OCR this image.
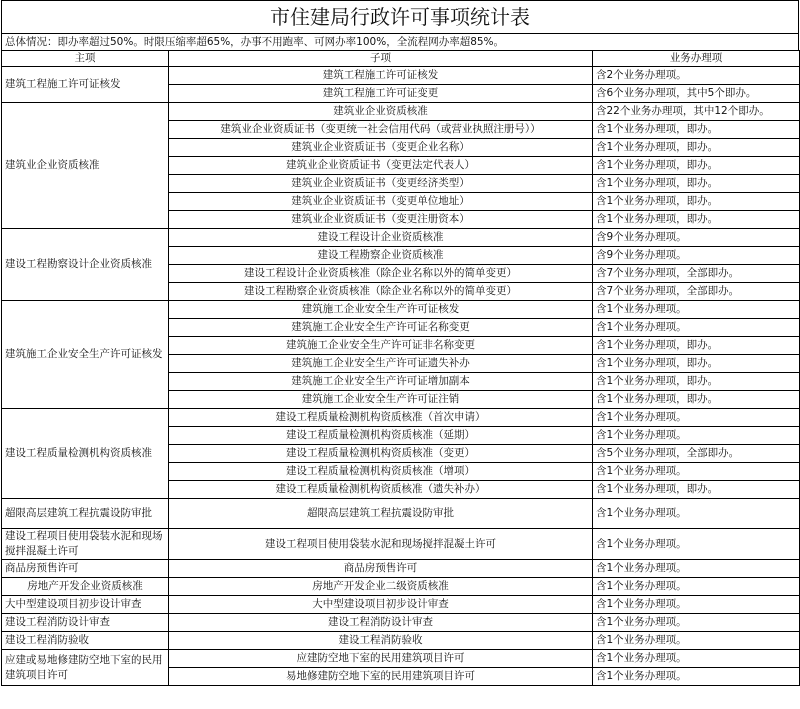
市住建局行政许可事项统计表
总体情况：即办率超过50%。时限压缩率超65%，办事不用跑率、可网办率100%，全流程网办率超85%。
主项	子项	业务办理项
建筑工程施工许可证核发	建筑工程施工许可证核发	含2个业务办理项。
	建筑工程施工许可证变更	含6个业务办理项，其中5个即办。
建筑业企业资质核准	建筑业企业资质核准	含22个业务办理项，其中12个即办。
	建筑业企业资质证书（变更统一社会信用代码（或营业执照注册号））	含1个业务办理项，即办。
	建筑业企业资质证书（变更企业名称）	含1个业务办理项，即办。
	建筑业企业资质证书（变更法定代表人）	含1个业务办理项，即办。
	建筑业企业资质证书（变更经济类型）	含1个业务办理项，即办。
	建筑业企业资质证书（变更单位地址）	含1个业务办理项，即办。
	建筑业企业资质证书（变更注册资本）	含1个业务办理项，即办。
建设工程勘察设计企业资质核准	建设工程设计企业资质核准	含9个业务办理项。
	建设工程勘察企业资质核准	含9个业务办理项。
	建设工程设计企业资质核准（除企业名称以外的简单变更）	含7个业务办理项，全部即办。
	建设工程勘察企业资质核准（除企业名称以外的简单变更）	含7个业务办理项，全部即办。
建筑施工企业安全生产许可证核发	建筑施工企业安全生产许可证核发	含1个业务办理项。
	建筑施工企业安全生产许可证名称变更	含1个业务办理项。
	建筑施工企业安全生产许可证非名称变更	含1个业务办理项，即办。
	建筑施工企业安全生产许可证遗失补办	含1个业务办理项，即办。
	建筑施工企业安全生产许可证增加副本	含1个业务办理项，即办。
	建筑施工企业安全生产许可证注销	含1个业务办理项，即办。
建设工程质量检测机构资质核准	建设工程质量检测机构资质核准（首次申请）	含1个业务办理项。
	建设工程质量检测机构资质核准（延期）	含1个业务办理项。
	建设工程质量检测机构资质核准（变更）	含5个业务办理项，全部即办。
	建设工程质量检测机构资质核准（增项）	含1个业务办理项。
	建设工程质量检测机构资质核准（遗失补办）	含1个业务办理项，即办。
超限高层建筑工程抗震设防审批	超限高层建筑工程抗震设防审批	含1个业务办理项。
建设工程项目使用袋装水泥和现场搅拌混凝土许可	建设工程项目使用袋装水泥和现场搅拌混凝土许可	含1个业务办理项。
商品房预售许可	商品房预售许可	含1个业务办理项。
房地产开发企业资质核准	房地产开发企业二级资质核准	含1个业务办理项。
大中型建设项目初步设计审查	大中型建设项目初步设计审查	含1个业务办理项。
建设工程消防设计审查	建设工程消防设计审查	含1个业务办理项。
建设工程消防验收	建设工程消防验收	含1个业务办理项。
应建或易地修建防空地下室的民用建筑项目许可	应建防空地下室的民用建筑项目许可	含1个业务办理项。
	易地修建防空地下室的民用建筑项目许可	含1个业务办理项。
